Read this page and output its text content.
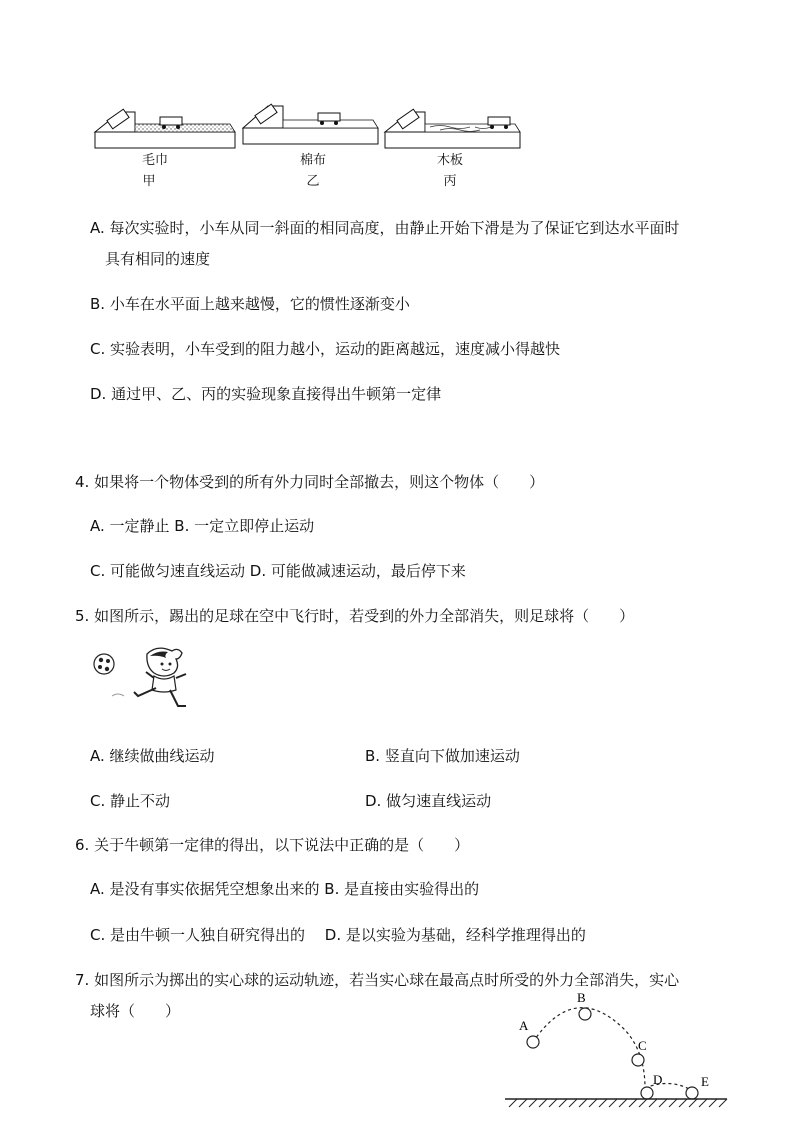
毛巾
甲
棉布
乙
木板
丙
A. 每次实验时，小车从同一斜面的相同高度，由静止开始下滑是为了保证它到达水平面时
具有相同的速度
B. 小车在水平面上越来越慢，它的惯性逐渐变小
C. 实验表明，小车受到的阻力越小，运动的距离越远，速度减小得越快
D. 通过甲、乙、丙的实验现象直接得出牛顿第一定律
4. 如果将一个物体受到的所有外力同时全部撤去，则这个物体（　　）
A. 一定静止 B. 一定立即停止运动
C. 可能做匀速直线运动 D. 可能做减速运动，最后停下来
5. 如图所示，踢出的足球在空中飞行时，若受到的外力全部消失，则足球将（　　）
A. 继续做曲线运动	B. 竖直向下做加速运动
C. 静止不动	D. 做匀速直线运动
6. 关于牛顿第一定律的得出，以下说法中正确的是（　　）
A. 是没有事实依据凭空想象出来的 B. 是直接由实验得出的
C. 是由牛顿一人独自研究得出的　 D. 是以实验为基础，经科学推理得出的
7. 如图所示为掷出的实心球的运动轨迹，若当实心球在最高点时所受的外力全部消失，实心
球将（　　）
A
B
C
D	E
